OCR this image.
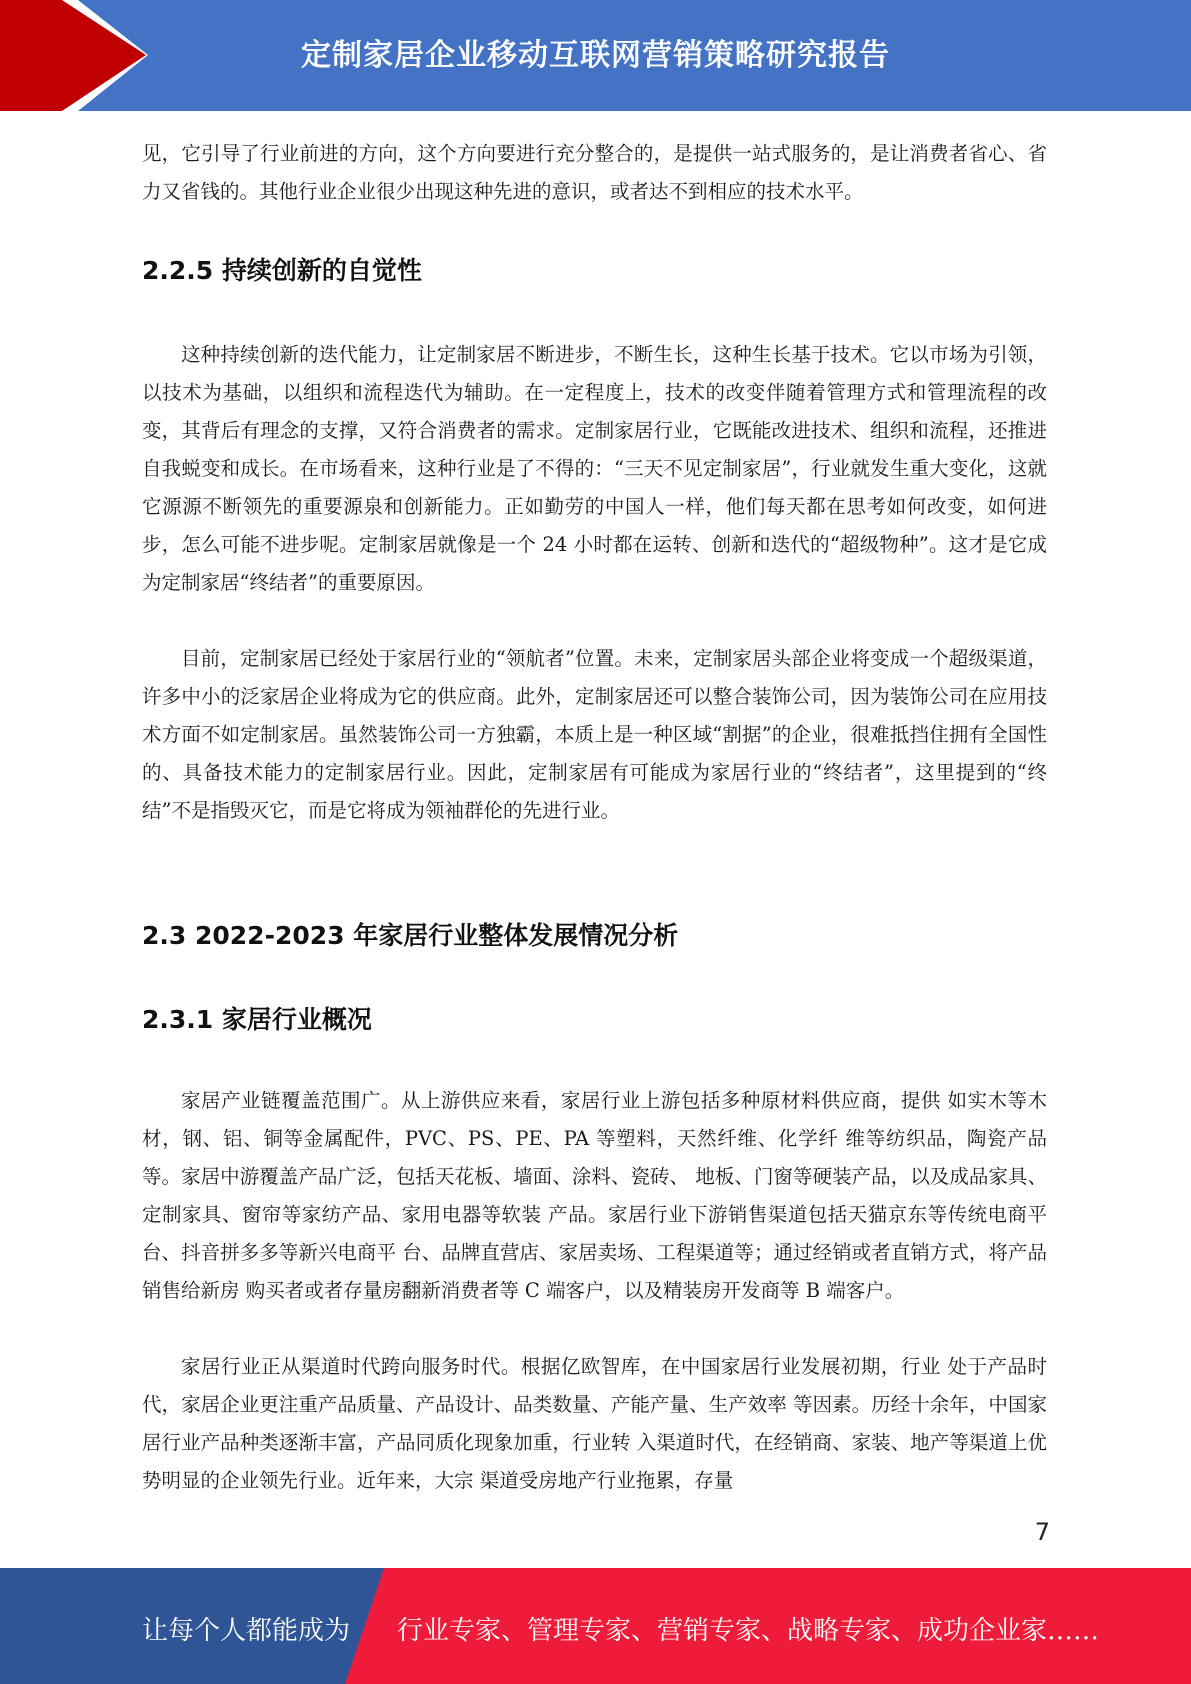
定制家居企业移动互联网营销策略研究报告

见，它引导了行业前进的方向，这个方向要进行充分整合的，是提供一站式服务的，是让消费者省心、省力又省钱的。其他行业企业很少出现这种先进的意识，或者达不到相应的技术水平。

2.2.5 持续创新的自觉性

这种持续创新的迭代能力，让定制家居不断进步，不断生长，这种生长基于技术。它以市场为引领，以技术为基础，以组织和流程迭代为辅助。在一定程度上，技术的改变伴随着管理方式和管理流程的改变，其背后有理念的支撑，又符合消费者的需求。定制家居行业，它既能改进技术、组织和流程，还推进自我蜕变和成长。在市场看来，这种行业是了不得的：“三天不见定制家居”，行业就发生重大变化，这就它源源不断领先的重要源泉和创新能力。正如勤劳的中国人一样，他们每天都在思考如何改变，如何进步，怎么可能不进步呢。定制家居就像是一个 24 小时都在运转、创新和迭代的“超级物种”。这才是它成为定制家居“终结者”的重要原因。

目前，定制家居已经处于家居行业的“领航者”位置。未来，定制家居头部企业将变成一个超级渠道，许多中小的泛家居企业将成为它的供应商。此外，定制家居还可以整合装饰公司，因为装饰公司在应用技术方面不如定制家居。虽然装饰公司一方独霸，本质上是一种区域“割据”的企业，很难抵挡住拥有全国性的、具备技术能力的定制家居行业。因此，定制家居有可能成为家居行业的“终结者”，这里提到的“终结”不是指毁灭它，而是它将成为领袖群伦的先进行业。

2.3 2022-2023 年家居行业整体发展情况分析
2.3.1 家居行业概况

家居产业链覆盖范围广。从上游供应来看，家居行业上游包括多种原材料供应商，提供 如实木等木材，钢、铝、铜等金属配件，PVC、PS、PE、PA 等塑料，天然纤维、化学纤 维等纺织品，陶瓷产品等。家居中游覆盖产品广泛，包括天花板、墙面、涂料、瓷砖、 地板、门窗等硬装产品，以及成品家具、定制家具、窗帘等家纺产品、家用电器等软装 产品。家居行业下游销售渠道包括天猫京东等传统电商平台、抖音拼多多等新兴电商平 台、品牌直营店、家居卖场、工程渠道等；通过经销或者直销方式，将产品销售给新房 购买者或者存量房翻新消费者等 C 端客户，以及精装房开发商等 B 端客户。

家居行业正从渠道时代跨向服务时代。根据亿欧智库，在中国家居行业发展初期，行业 处于产品时代，家居企业更注重产品质量、产品设计、品类数量、产能产量、生产效率 等因素。历经十余年，中国家居行业产品种类逐渐丰富，产品同质化现象加重，行业转 入渠道时代，在经销商、家装、地产等渠道上优势明显的企业领先行业。近年来，大宗 渠道受房地产行业拖累，存量

7
让每个人都能成为 行业专家、管理专家、营销专家、战略专家、成功企业家……
